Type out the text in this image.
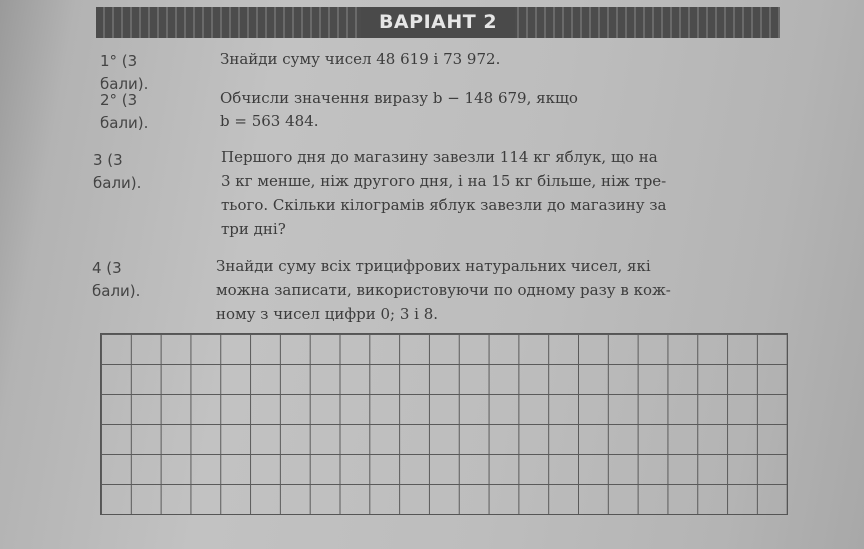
ВАРІАНТ 2
1° (3 бали).
Знайди суму чисел 48 619 і 73 972.
2° (3 бали).
Обчисли значення виразу b − 148 679, якщо
b = 563 484.
3 (3 бали).
Першого дня до магазину завезли 114 кг яблук, що на
3 кг менше, ніж другого дня, і на 15 кг більше, ніж тре-
тього. Скільки кілограмів яблук завезли до магазину за
три дні?
4 (3 бали).
Знайди суму всіх трицифрових натуральних чисел, які
можна записати, використовуючи по одному разу в кож-
ному з чисел цифри 0; 3 і 8.
